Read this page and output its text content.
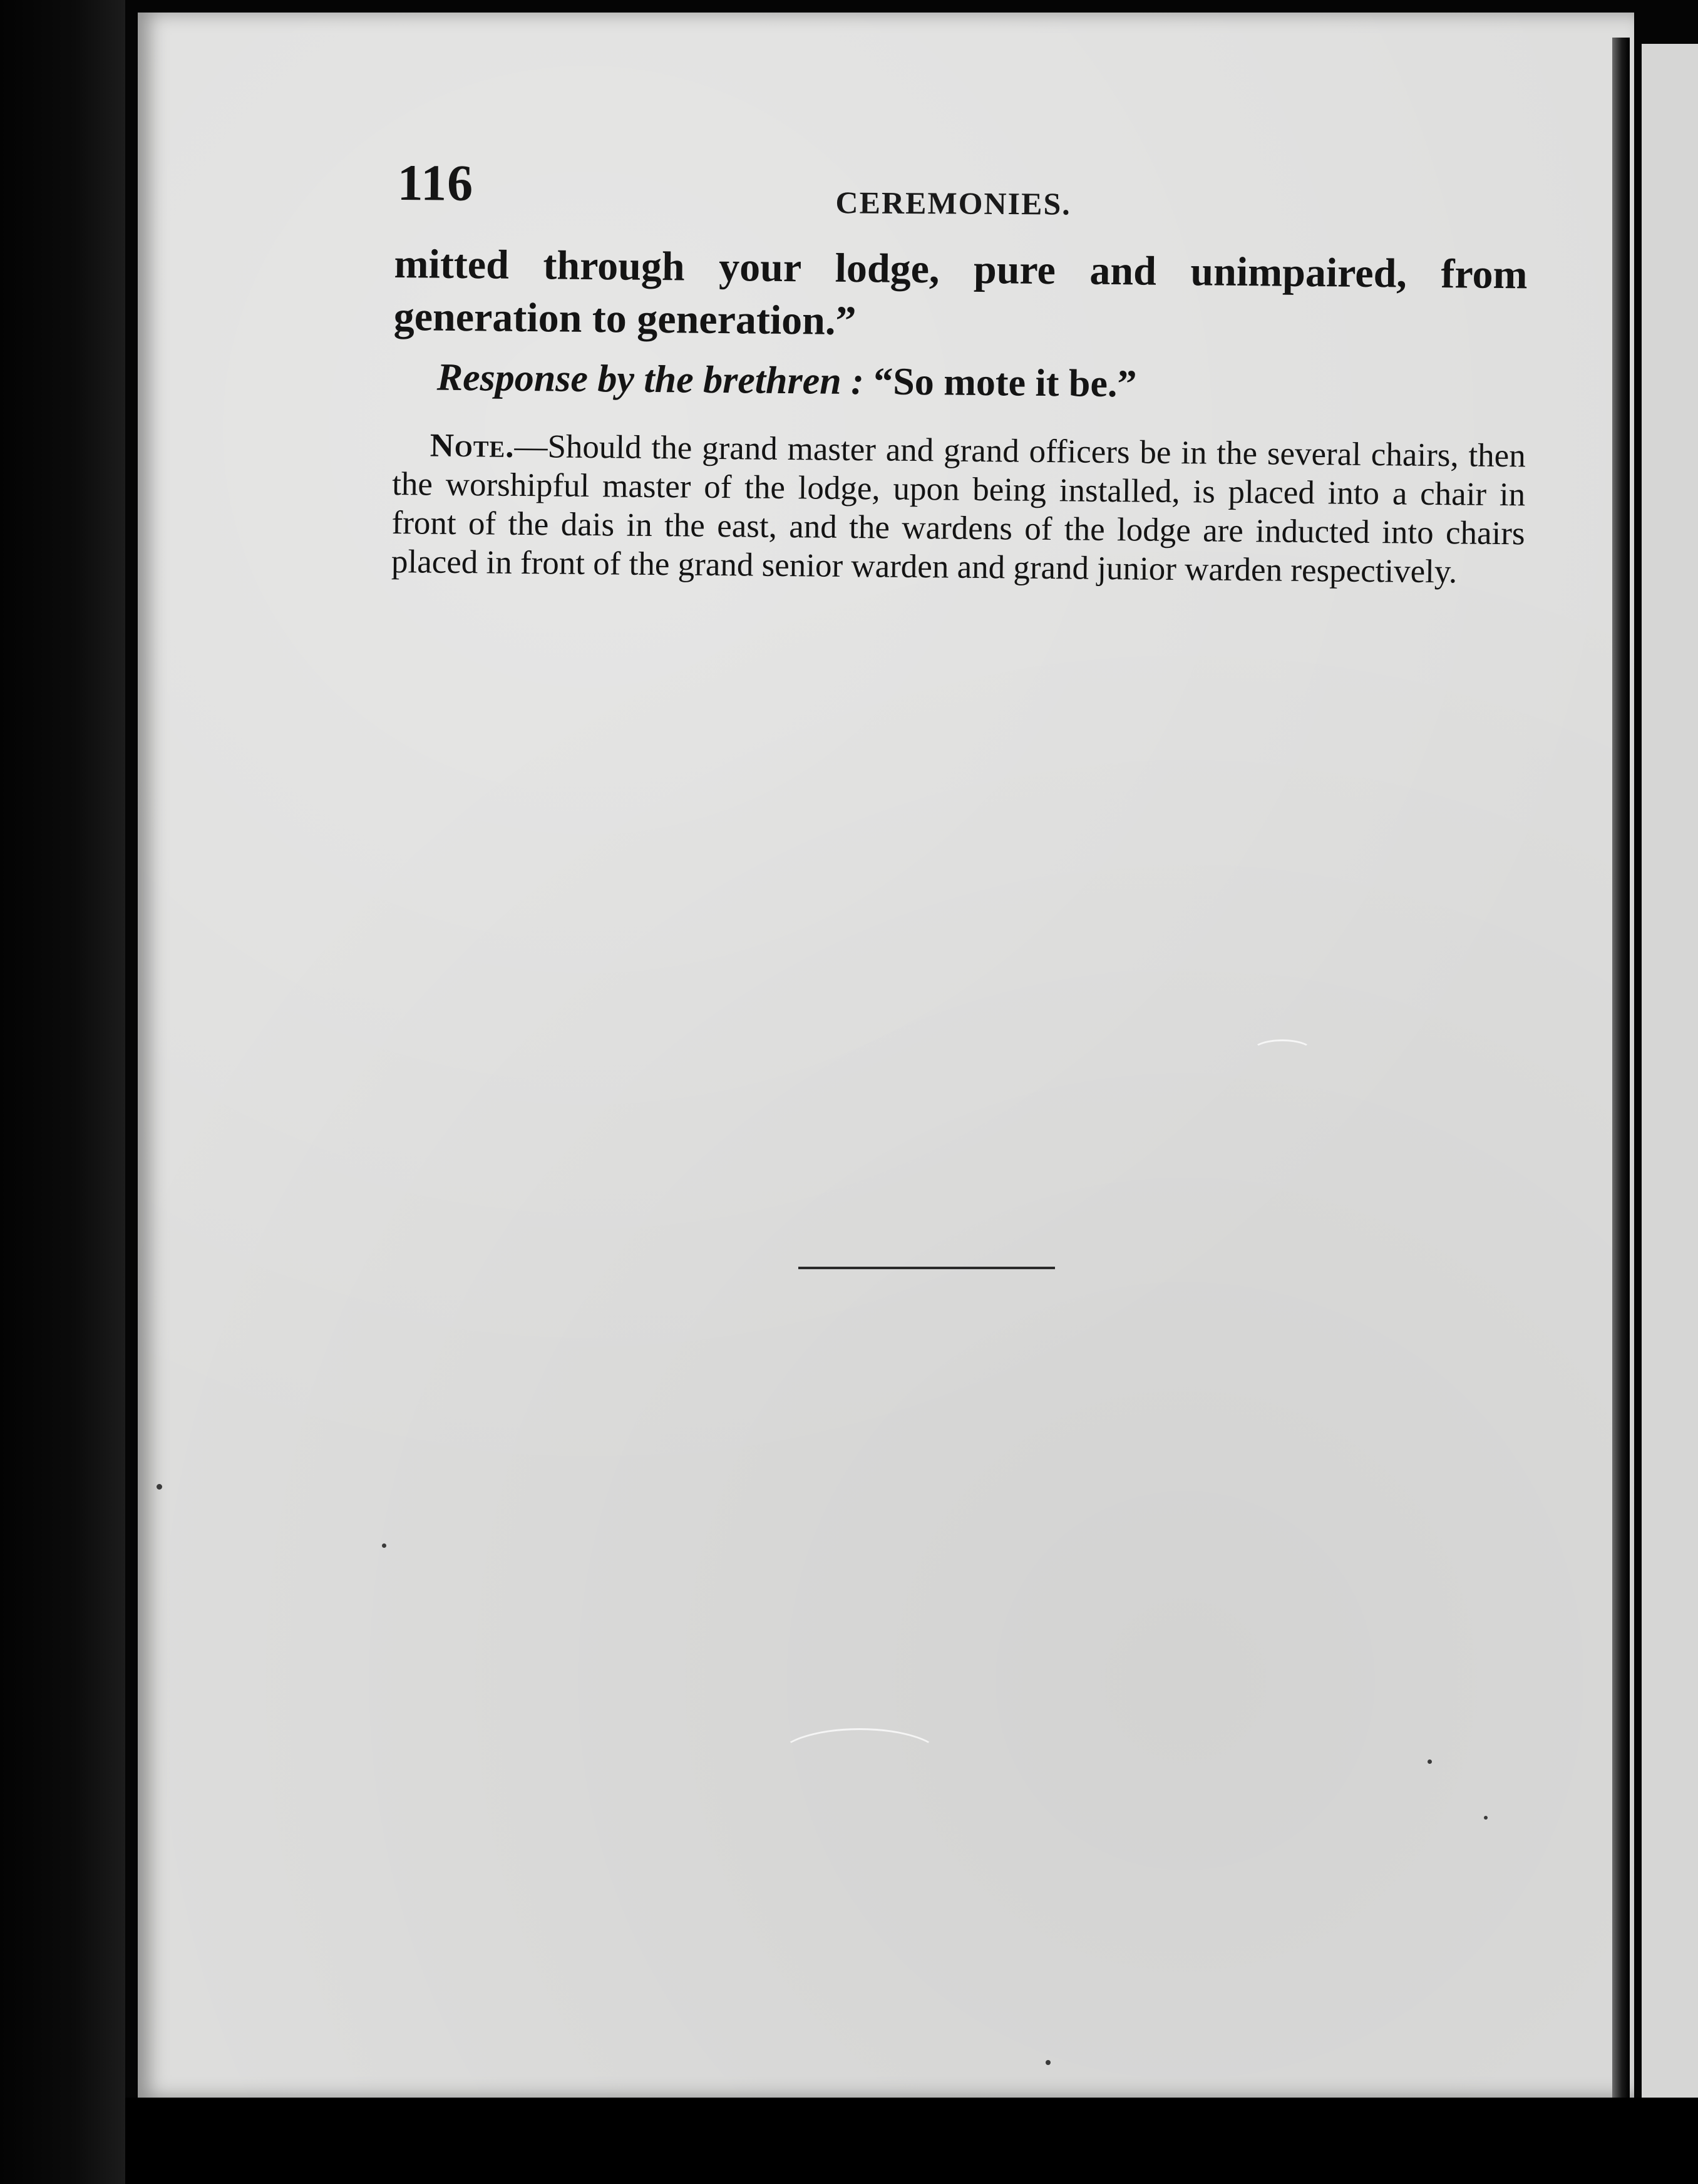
116	CEREMONIES.

mitted through your lodge, pure and unimpaired, from generation to generation.”

Response by the brethren : “So mote it be.”

Note.—Should the grand master and grand officers be in the several chairs, then the worshipful master of the lodge, upon being installed, is placed into a chair in front of the dais in the east, and the wardens of the lodge are inducted into chairs placed in front of the grand senior warden and grand junior warden respectively.
